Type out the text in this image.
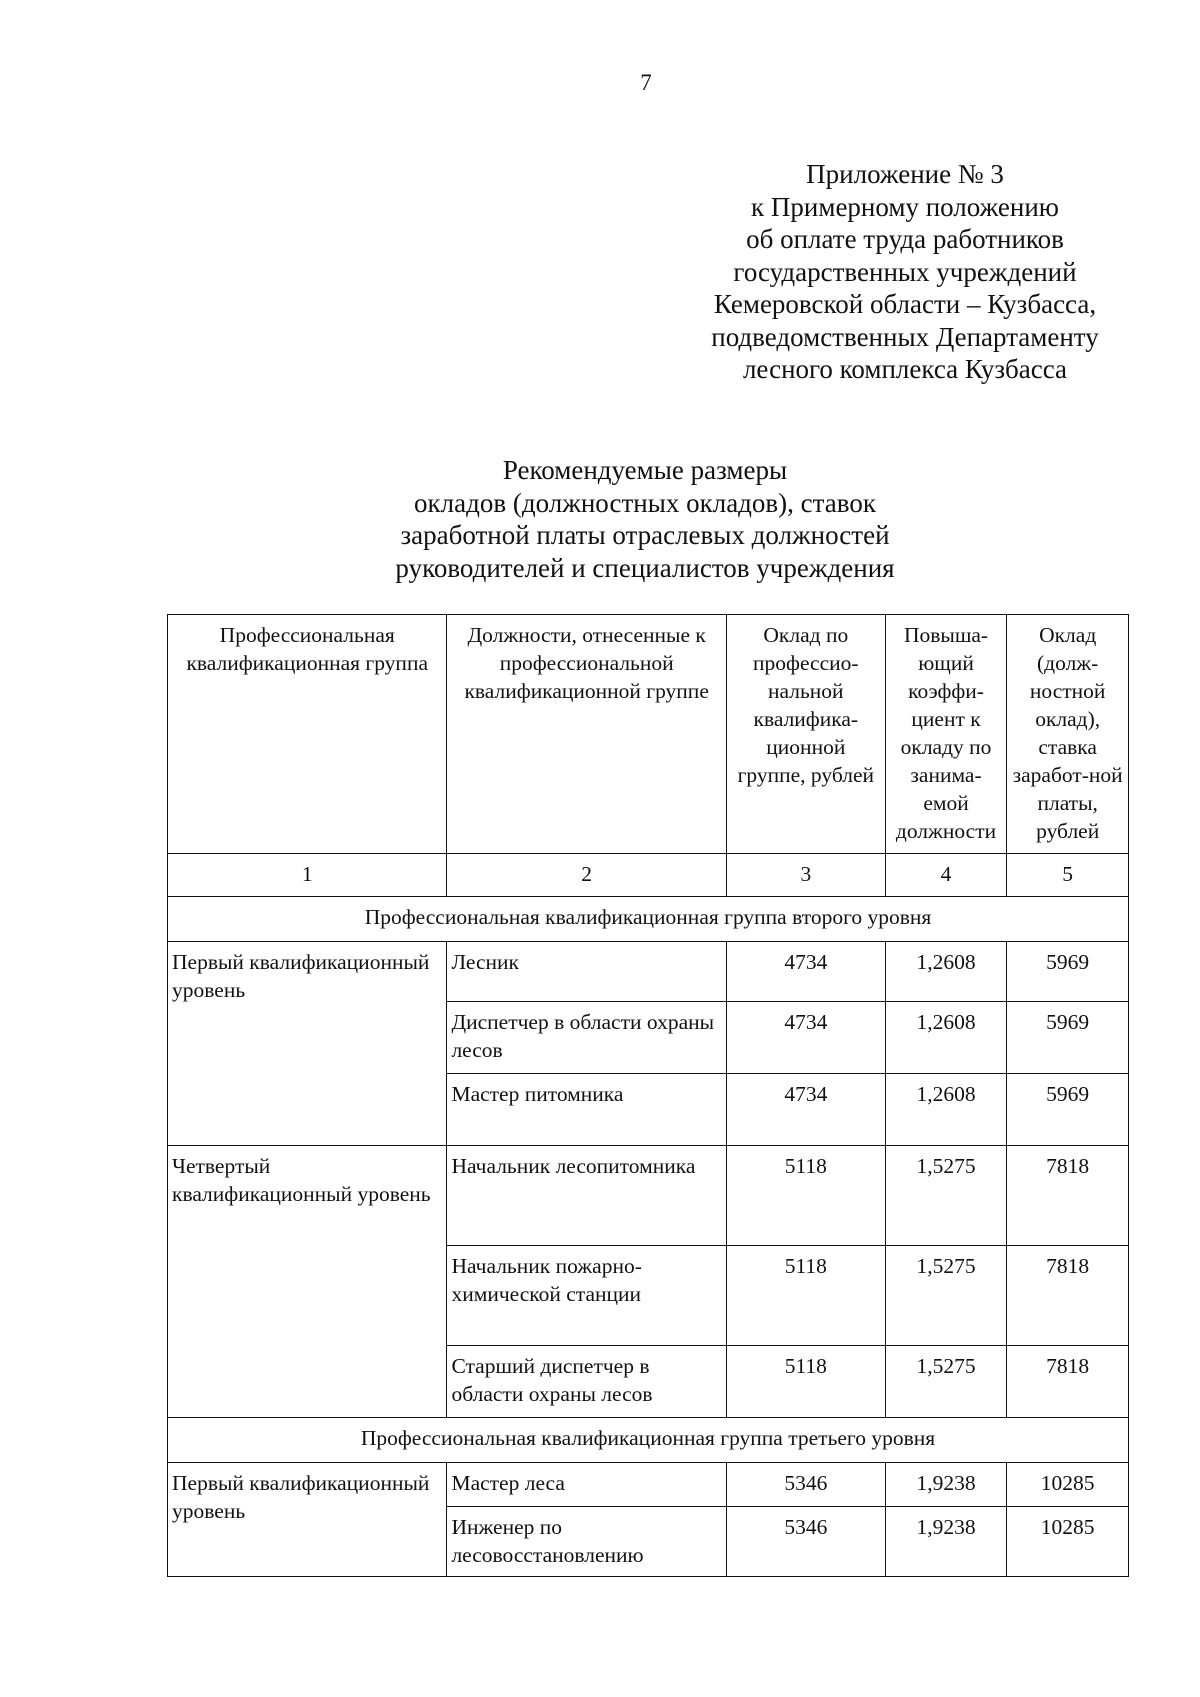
7
Приложение № 3
к Примерному положению
об оплате труда работников
государственных учреждений
Кемеровской области – Кузбасса,
подведомственных Департаменту
лесного комплекса Кузбасса
Рекомендуемые размеры
окладов (должностных окладов), ставок
заработной платы отраслевых должностей
руководителей и специалистов учреждения
Профессиональная квалификационная группа	Должности, отнесенные к профессиональной квалификационной группе	Оклад по профессио-нальной квалифика-ционной группе, рублей	Повыша-ющий коэффи-циент к окладу по занима-емой должности	Оклад (долж-ностной оклад), ставка заработ-ной платы, рублей
1	2	3	4	5
Профессиональная квалификационная группа второго уровня				
Первый квалификационный уровень	Лесник	4734	1,2608	5969
	Диспетчер в области охраны лесов	4734	1,2608	5969
	Мастер питомника	4734	1,2608	5969
Четвертый квалификационный уровень	Начальник лесопитомника	5118	1,5275	7818
	Начальник пожарно-химической станции	5118	1,5275	7818
	Старший диспетчер в области охраны лесов	5118	1,5275	7818
Профессиональная квалификационная группа третьего уровня				
Первый квалификационный уровень	Мастер леса	5346	1,9238	10285
	Инженер по лесовосстановлению	5346	1,9238	10285
